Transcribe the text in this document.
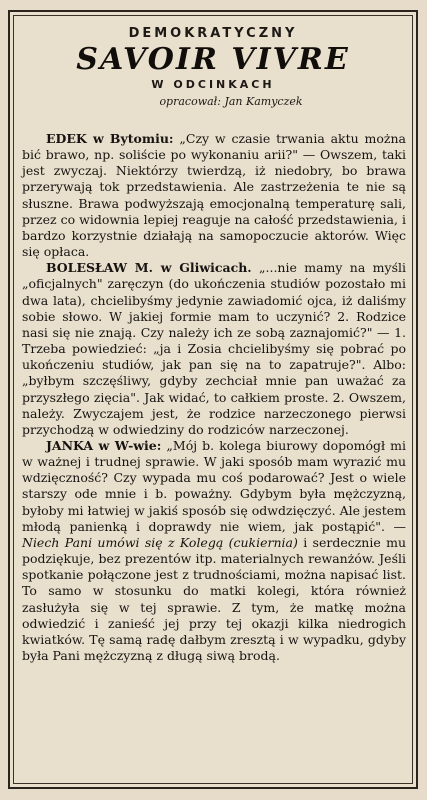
DEMOKRATYCZNY
SAVOIR VIVRE
W ODCINKACH
opracował: Jan Kamyczek

EDEK w Bytomiu: „Czy w czasie trwania aktu można bić brawo, np. soliście po wykonaniu arii?" — Owszem, taki jest zwyczaj. Niektórzy twierdzą, iż niedobry, bo brawa przerywają tok przedstawienia. Ale zastrzeżenia te nie są słuszne. Brawa podwyższają emocjonalną temperaturę sali, przez co widownia lepiej reaguje na całość przedstawienia, i bardzo korzystnie działają na samopoczucie aktorów. Więc się opłaca.

BOLESŁAW M. w Gliwicach. „...nie mamy na myśli „oficjalnych" zaręczyn (do ukończenia studiów pozostało mi dwa lata), chcielibyśmy jedynie zawiadomić ojca, iż daliśmy sobie słowo. W jakiej formie mam to uczynić? 2. Rodzice nasi się nie znają. Czy należy ich ze sobą zaznajomić?" — 1. Trzeba powiedzieć: „ja i Zosia chcielibyśmy się pobrać po ukończeniu studiów, jak pan się na to zapatruje?". Albo: „byłbym szczęśliwy, gdyby zechciał mnie pan uważać za przyszłego zięcia". Jak widać, to całkiem proste. 2. Owszem, należy. Zwyczajem jest, że rodzice narzeczonego pierwsi przychodzą w odwiedziny do rodziców narzeczonej.

JANKA w W-wie: „Mój b. kolega biurowy dopomógł mi w ważnej i trudnej sprawie. W jaki sposób mam wyrazić mu wdzięczność? Czy wypada mu coś podarować? Jest o wiele starszy ode mnie i b. poważny. Gdybym była mężczyzną, byłoby mi łatwiej w jakiś sposób się odwdzięczyć. Ale jestem młodą panienką i doprawdy nie wiem, jak postąpić". — Niech Pani umówi się z Kolegą (cukiernia) i serdecznie mu podziękuje, bez prezentów itp. materialnych rewanżów. Jeśli spotkanie połączone jest z trudnościami, można napisać list. To samo w stosunku do matki kolegi, która również zasłużyła się w tej sprawie. Z tym, że matkę można odwiedzić i zanieść jej przy tej okazji kilka niedrogich kwiatków. Tę samą radę dałbym zresztą i w wypadku, gdyby była Pani mężczyzną z długą siwą brodą.
